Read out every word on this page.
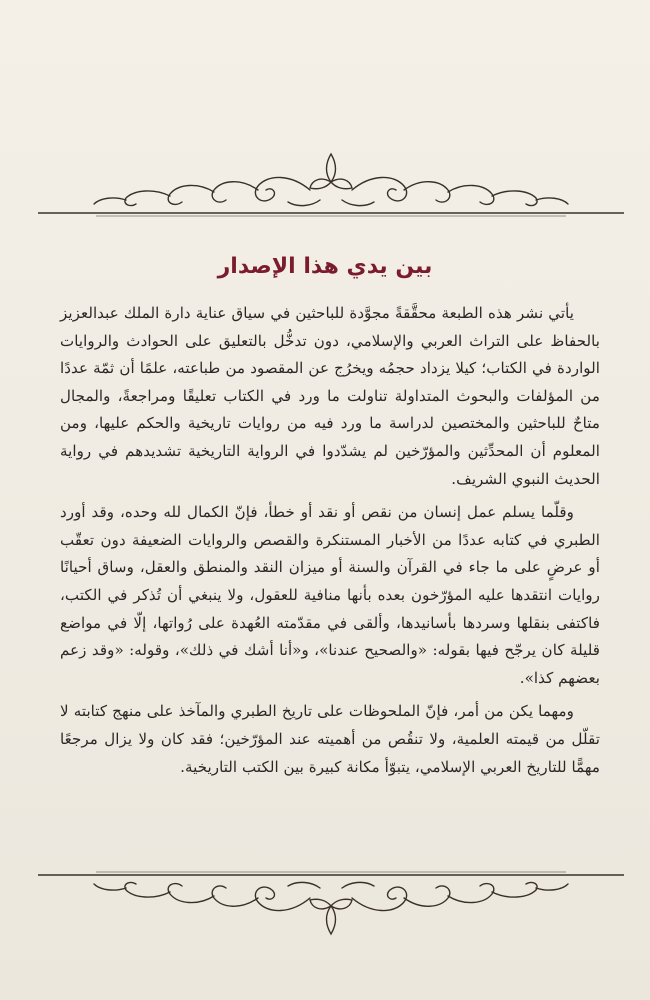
بين يدي هذا الإصدار

يأتي نشر هذه الطبعة محقَّقةً مجوَّدة للباحثين في سياق عناية دارة الملك عبدالعزيز بالحفاظ على التراث العربي والإسلامي، دون تدخُّل بالتعليق على الحوادث والروايات الواردة في الكتاب؛ كيلا يزداد حجمُه ويخرُج عن المقصود من طباعته، علمًا أن ثمّة عددًا من المؤلفات والبحوث المتداولة تناولت ما ورد في الكتاب تعليقًا ومراجعةً، والمجال متاحٌ للباحثين والمختصين لدراسة ما ورد فيه من روايات تاريخية والحكم عليها، ومن المعلوم أن المحدِّثين والمؤرّخين لم يشدّدوا في الرواية التاريخية تشديدهم في رواية الحديث النبوي الشريف.

وقلّما يسلم عمل إنسان من نقص أو نقد أو خطأ، فإنّ الكمال لله وحده، وقد أورد الطبري في كتابه عددًا من الأخبار المستنكرة والقصص والروايات الضعيفة دون تعقّب أو عرضٍ على ما جاء في القرآن والسنة أو ميزان النقد والمنطق والعقل، وساق أحيانًا روايات انتقدها عليه المؤرّخون بعده بأنها منافية للعقول، ولا ينبغي أن تُذكر في الكتب، فاكتفى بنقلها وسردها بأسانيدها، وألقى في مقدّمته العُهدة على رُواتها، إلّا في مواضع قليلة كان يرجّح فيها بقوله: «والصحيح عندنا»، و«أنا أشك في ذلك»، وقوله: «وقد زعم بعضهم كذا».

ومهما يكن من أمر، فإنّ الملحوظات على تاريخ الطبري والمآخذ على منهج كتابته لا تقلّل من قيمته العلمية، ولا تنقُص من أهميته عند المؤرّخين؛ فقد كان ولا يزال مرجعًا مهمًّا للتاريخ العربي الإسلامي، يتبوّأ مكانة كبيرة بين الكتب التاريخية.
